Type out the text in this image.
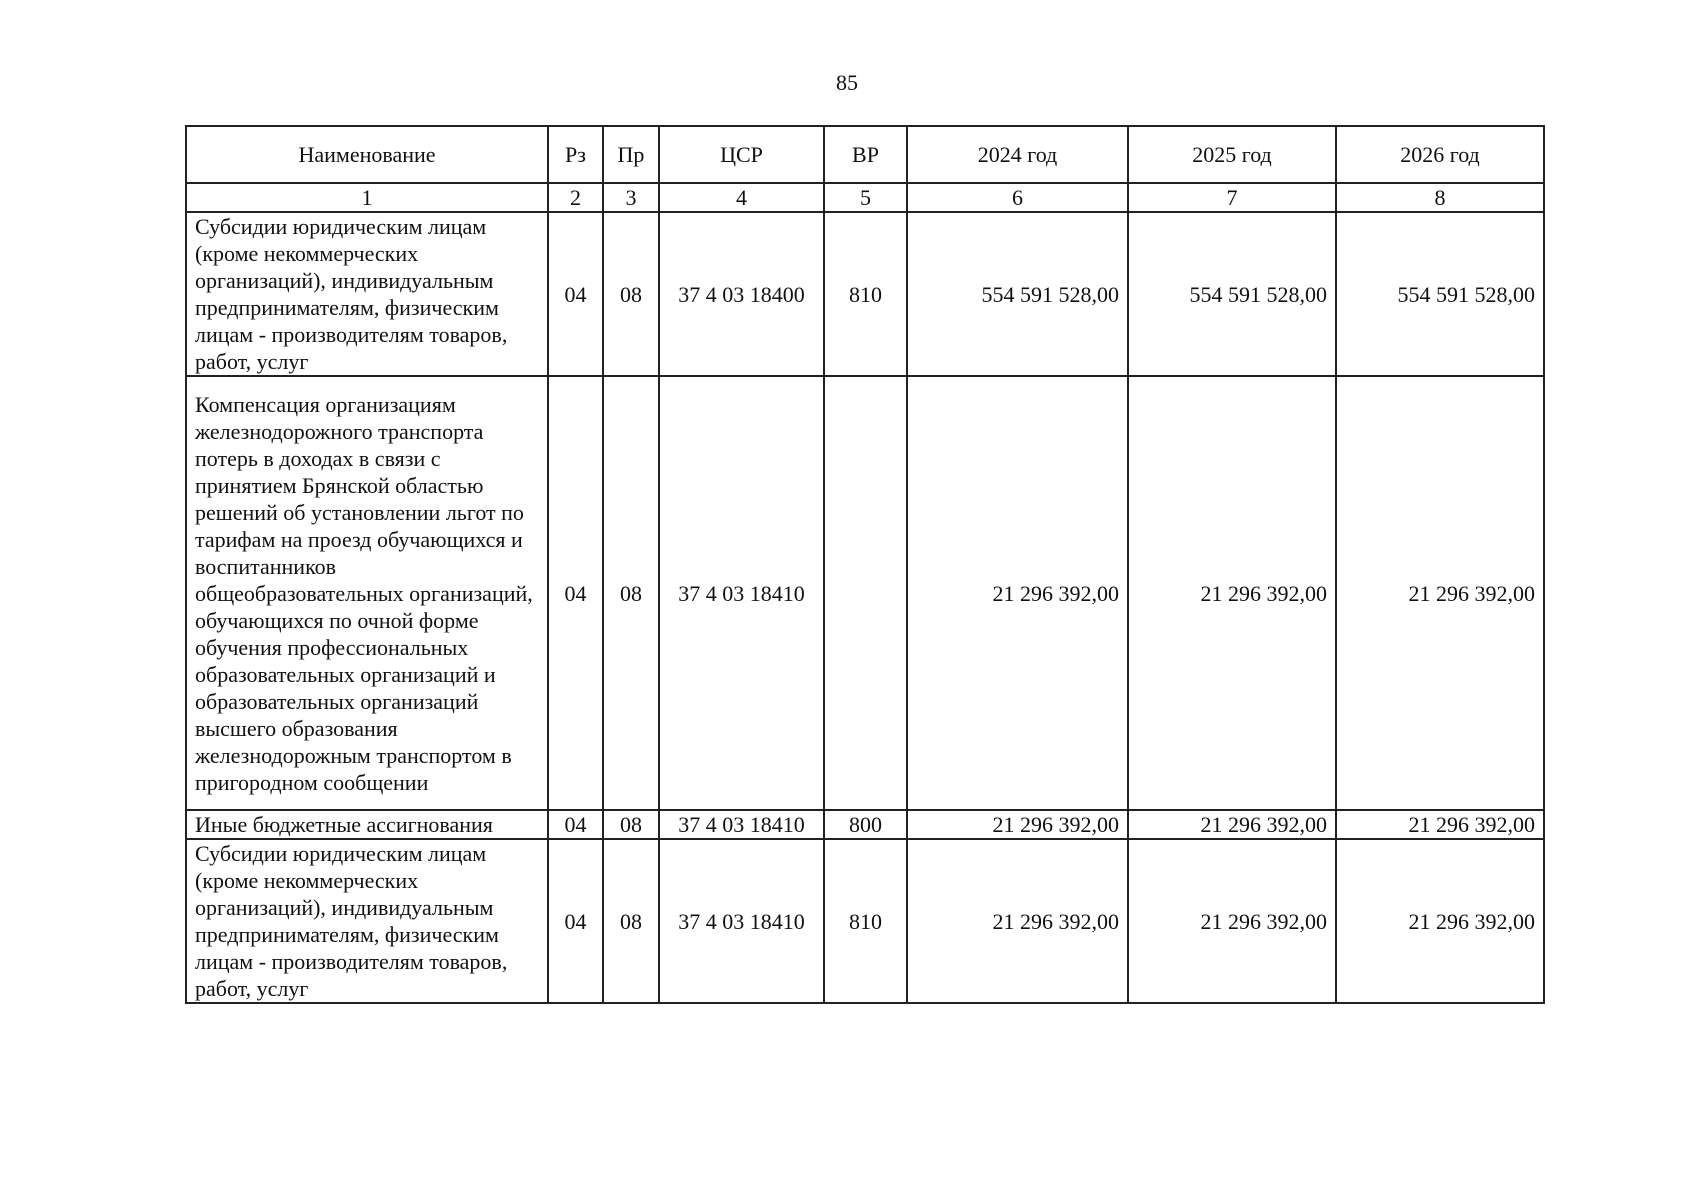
85
Наименование	Рз	Пр	ЦСР	ВР	2024 год	2025 год	2026 год
1	2	3	4	5	6	7	8
Субсидии юридическим лицам (кроме некоммерческих организаций), индивидуальным предпринимателям, физическим лицам - производителям товаров, работ, услуг	04	08	37 4 03 18400	810	554 591 528,00	554 591 528,00	554 591 528,00
Компенсация организациям железнодорожного транспорта потерь в доходах в связи с принятием Брянской областью решений об установлении льгот по тарифам на проезд обучающихся и воспитанников общеобразовательных организаций, обучающихся по очной форме обучения профессиональных образовательных организаций и образовательных организаций высшего образования железнодорожным транспортом в пригородном сообщении	04	08	37 4 03 18410		21 296 392,00	21 296 392,00	21 296 392,00
Иные бюджетные ассигнования	04	08	37 4 03 18410	800	21 296 392,00	21 296 392,00	21 296 392,00
Субсидии юридическим лицам (кроме некоммерческих организаций), индивидуальным предпринимателям, физическим лицам - производителям товаров, работ, услуг	04	08	37 4 03 18410	810	21 296 392,00	21 296 392,00	21 296 392,00
